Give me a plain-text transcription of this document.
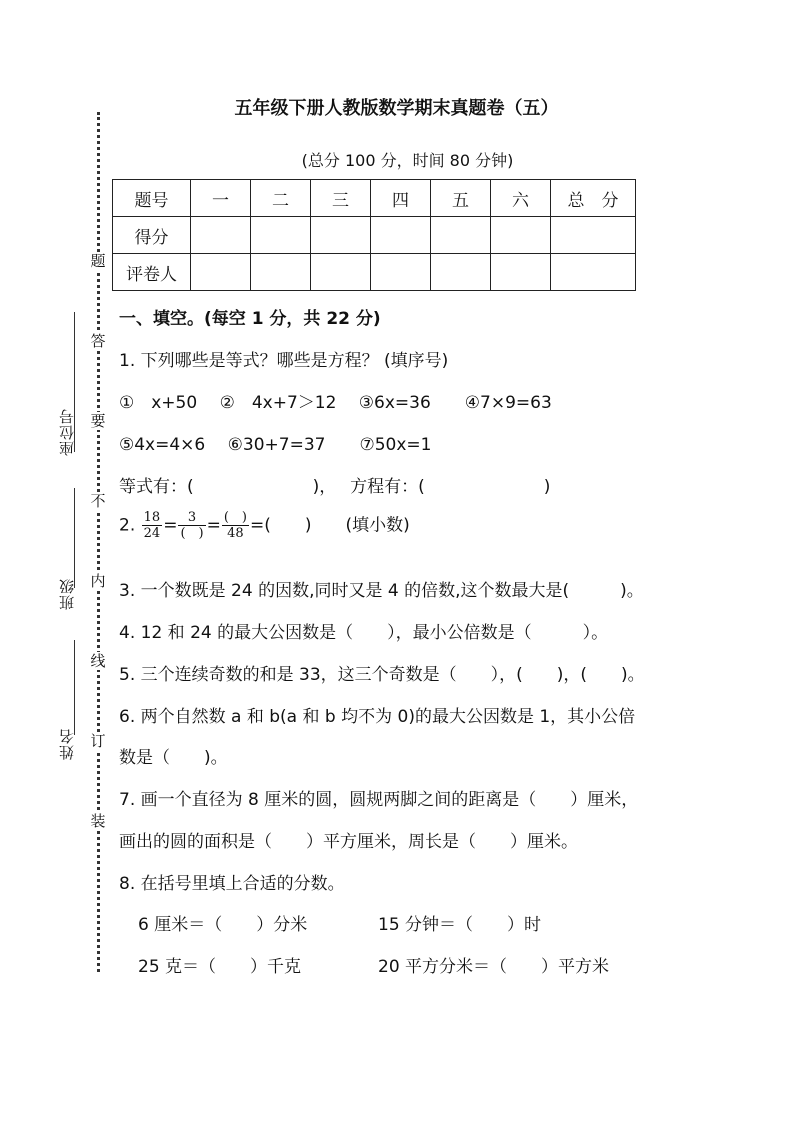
座位号
班级
姓名
题
答
要
不
内
线
订
装
五年级下册人教版数学期末真题卷（五）
(总分 100 分，时间 80 分钟)
题号	一	二	三	四	五	六	总　分
得分							
评卷人							
一、填空。(每空 1 分，共 22 分)
1. 下列哪些是等式？哪些是方程？ (填序号)
①　x+50　 ②　4x+7＞12　 ③6x=36　　④7×9=63
⑤4x=4×6　 ⑥30+7=37　　⑦50x=1
等式有：(　　　　　　　)，　 方程有：(　　　　　　　)
2. $\frac{18}{24} = \frac{3}{( )} = \frac{( )}{48}$ =(　　)　　(填小数)
3. 一个数既是 24 的因数,同时又是 4 的倍数,这个数最大是(　　　)。
4. 12 和 24 的最大公因数是（　　），最小公倍数是（　　　）。
5. 三个连续奇数的和是 33，这三个奇数是（　　），(　　)，(　　)。
6. 两个自然数 a 和 b(a 和 b 均不为 0)的最大公因数是 1，其小公倍
数是（　　)。
7. 画一个直径为 8 厘米的圆，圆规两脚之间的距离是（　　）厘米，
画出的圆的面积是（　　）平方厘米，周长是（　　）厘米。
8. 在括号里填上合适的分数。
6 厘米＝（　　）分米	15 分钟＝（　　）时
25 克＝（　　）千克	20 平方分米＝（　　）平方米
